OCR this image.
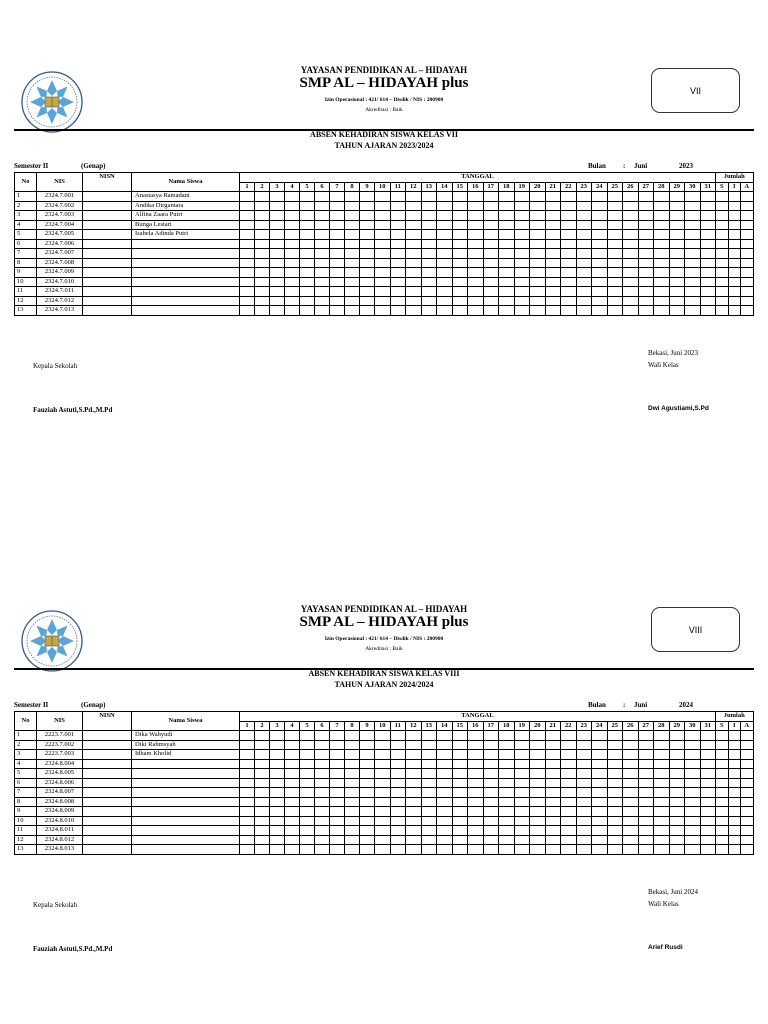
YAYASAN PENDIDIKAN AL – HIDAYAH
SMP AL – HIDAYAH plus
Izin Operasional : 421/ 614 – Disdik / NIS : 200900
Akreditasi : Baik
VII
ABSEN KEHADIRAN SISWA KELAS VII
TAHUN AJARAN 2023/2024
Semester II	(Genap)	Bulan : Juni	2023
No	NIS	NISN	Nama Siswa	TANGGAL																															Jumlah		
				1	2	3	4	5	6	7	8	9	10	11	12	13	14	15	16	17	18	19	20	21	22	23	24	25	26	27	28	29	30	31	S	I	A
1	2324.7.001		Anastasya Ramadani																																		
2	2324.7.002		Andika Dirgantara																																		
3	2324.7.003		Alfina Zaara Putri																																		
4	2324.7.004		Bunga Lestari																																		
5	2324.7.005		Isabela Adinda Putri																																		
6	2324.7.006																																				
7	2324.7.007																																				
8	2324.7.008																																				
9	2324.7.009																																				
10	2324.7.010																																				
11	2324.7.011																																				
12	2324.7.012																																				
13	2324.7.013																																				
Bekasi, Juni 2023
Kepala Sekolah	Wali Kelas
Fauziah Astuti,S.Pd.,M.Pd	Dwi Agustiami,S.Pd
YAYASAN PENDIDIKAN AL – HIDAYAH
SMP AL – HIDAYAH plus
Izin Operasional : 421/ 614 – Disdik / NIS : 200900
Akreditasi : Baik
VIII
ABSEN KEHADIRAN SISWA KELAS VIII
TAHUN AJARAN 2024/2024
Semester II	(Genap)	Bulan : Juni	2024
No	NIS	NISN	Nama Siswa	TANGGAL																															Jumlah		
				1	2	3	4	5	6	7	8	9	10	11	12	13	14	15	16	17	18	19	20	21	22	23	24	25	26	27	28	29	30	31	S	I	A
1	2223.7.001		Dika Wahyudi																																		
2	2223.7.002		Diki Rahmsyah																																		
3	2223.7.003		Idham Kholid																																		
4	2324.8.004																																				
5	2324.8.005																																				
6	2324.8.006																																				
7	2324.8.007																																				
8	2324.8.008																																				
9	2324.8.009																																				
10	2324.8.010																																				
11	2324.8.011																																				
12	2324.8.012																																				
13	2324.8.013																																				
Bekasi, Juni 2024
Kepala Sekolah	Wali Kelas
Fauziah Astuti,S.Pd.,M.Pd	Arief Rusdi
